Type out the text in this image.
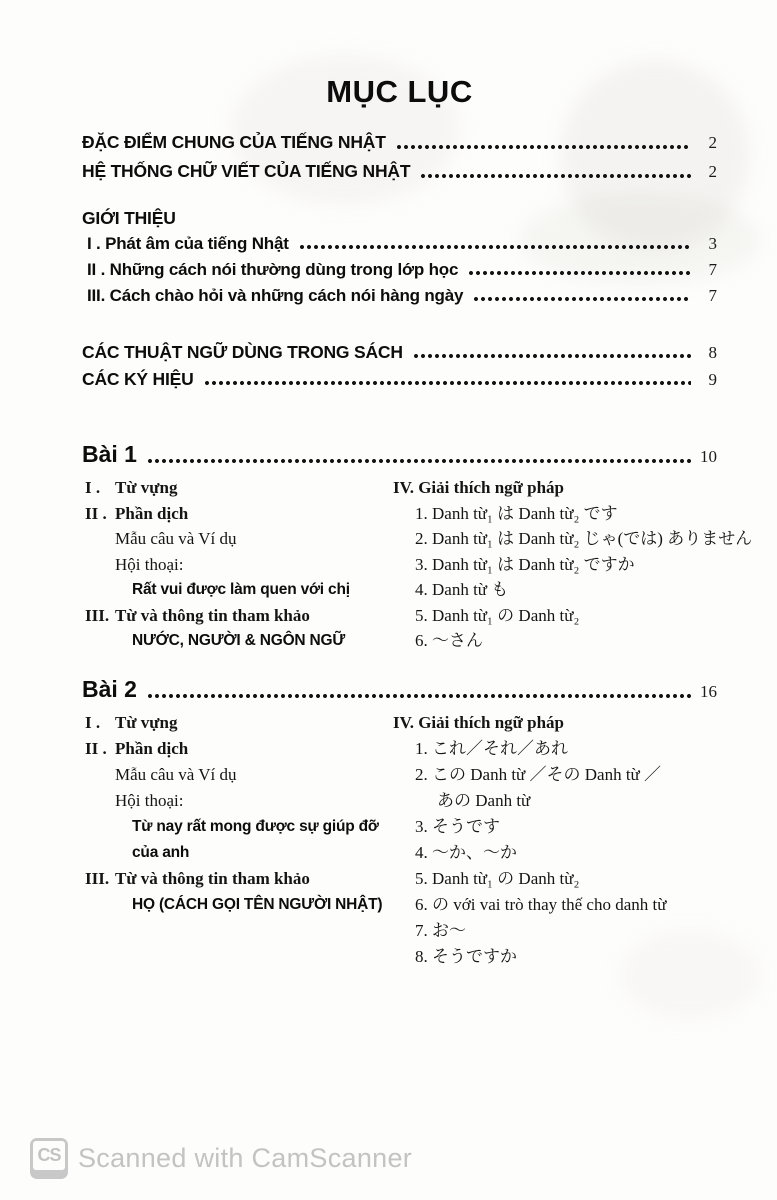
MỤC LỤC
ĐẶC ĐIỂM CHUNG CỦA TIẾNG NHẬT	2
HỆ THỐNG CHỮ VIẾT CỦA TIẾNG NHẬT	2
GIỚI THIỆU
I . Phát âm của tiếng Nhật	3
II . Những cách nói thường dùng trong lớp học	7
III. Cách chào hỏi và những cách nói hàng ngày	7
CÁC THUẬT NGỮ DÙNG TRONG SÁCH	8
CÁC KÝ HIỆU	9
Bài 1	10
I . Từ vựng
II . Phần dịch
Mẫu câu và Ví dụ
Hội thoại:
Rất vui được làm quen với chị
III. Từ và thông tin tham khảo
NƯỚC, NGƯỜI & NGÔN NGỮ
IV. Giải thích ngữ pháp
1. Danh từ₁ は Danh từ₂ です
2. Danh từ₁ は Danh từ₂ じゃ(では) ありません
3. Danh từ₁ は Danh từ₂ ですか
4. Danh từ も
5. Danh từ₁ の Danh từ₂
6. ～さん
Bài 2	16
I . Từ vựng
II . Phần dịch
Mẫu câu và Ví dụ
Hội thoại:
Từ nay rất mong được sự giúp đỡ
của anh
III. Từ và thông tin tham khảo
HỌ (CÁCH GỌI TÊN NGƯỜI NHẬT)
IV. Giải thích ngữ pháp
1. これ／それ／あれ
2. この Danh từ ／その Danh từ ／
あの Danh từ
3. そうです
4. ～か、～か
5. Danh từ₁ の Danh từ₂
6. の với vai trò thay thế cho danh từ
7. お～
8. そうですか
CS Scanned with CamScanner
